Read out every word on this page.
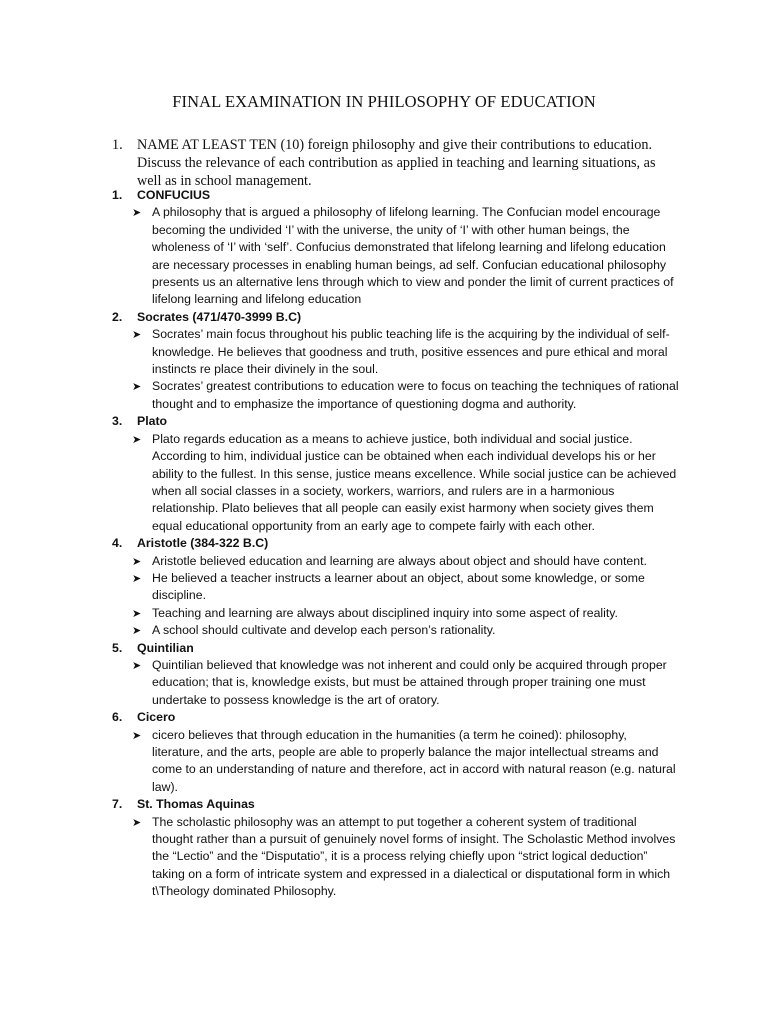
FINAL EXAMINATION IN PHILOSOPHY OF EDUCATION
1. NAME AT LEAST TEN (10) foreign philosophy and give their contributions to education. Discuss the relevance of each contribution as applied in teaching and learning situations, as well as in school management.
1. CONFUCIUS
➤ A philosophy that is argued a philosophy of lifelong learning. The Confucian model encourage becoming the undivided ‘I’ with the universe, the unity of ‘I’ with other human beings, the wholeness of ‘I’ with ‘self’. Confucius demonstrated that lifelong learning and lifelong education are necessary processes in enabling human beings, ad self. Confucian educational philosophy presents us an alternative lens through which to view and ponder the limit of current practices of lifelong learning and lifelong education
2. Socrates (471/470-3999 B.C)
➤ Socrates’ main focus throughout his public teaching life is the acquiring by the individual of self-knowledge. He believes that goodness and truth, positive essences and pure ethical and moral instincts re place their divinely in the soul.
➤ Socrates’ greatest contributions to education were to focus on teaching the techniques of rational thought and to emphasize the importance of questioning dogma and authority.
3. Plato
➤ Plato regards education as a means to achieve justice, both individual and social justice. According to him, individual justice can be obtained when each individual develops his or her ability to the fullest. In this sense, justice means excellence. While social justice can be achieved when all social classes in a society, workers, warriors, and rulers are in a harmonious relationship. Plato believes that all people can easily exist harmony when society gives them equal educational opportunity from an early age to compete fairly with each other.
4. Aristotle (384-322 B.C)
➤ Aristotle believed education and learning are always about object and should have content.
➤ He believed a teacher instructs a learner about an object, about some knowledge, or some discipline.
➤ Teaching and learning are always about disciplined inquiry into some aspect of reality.
➤ A school should cultivate and develop each person’s rationality.
5. Quintilian
➤ Quintilian believed that knowledge was not inherent and could only be acquired through proper education; that is, knowledge exists, but must be attained through proper training one must undertake to possess knowledge is the art of oratory.
6. Cicero
➤ cicero believes that through education in the humanities (a term he coined): philosophy, literature, and the arts, people are able to properly balance the major intellectual streams and come to an understanding of nature and therefore, act in accord with natural reason (e.g. natural law).
7. St. Thomas Aquinas
➤ The scholastic philosophy was an attempt to put together a coherent system of traditional thought rather than a pursuit of genuinely novel forms of insight. The Scholastic Method involves the “Lectio” and the “Disputatio”, it is a process relying chiefly upon “strict logical deduction” taking on a form of intricate system and expressed in a dialectical or disputational form in which t\Theology dominated Philosophy.
